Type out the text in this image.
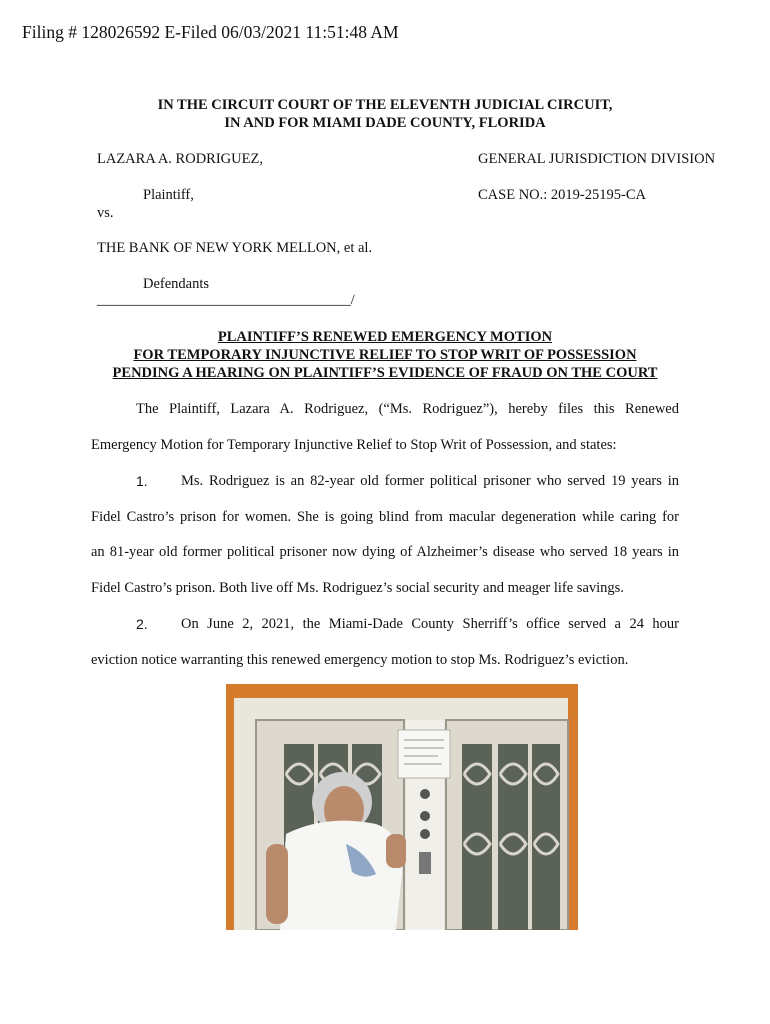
Filing # 128026592 E-Filed 06/03/2021 11:51:48 AM
IN THE CIRCUIT COURT OF THE ELEVENTH JUDICIAL CIRCUIT,
IN AND FOR MIAMI DADE COUNTY, FLORIDA
LAZARA A. RODRIGUEZ,	GENERAL JURISDICTION DIVISION
Plaintiff,	CASE NO.: 2019-25195-CA
vs.
THE BANK OF NEW YORK MELLON, et al.
Defendants
___________________________________/
PLAINTIFF’S RENEWED EMERGENCY MOTION
FOR TEMPORARY INJUNCTIVE RELIEF TO STOP WRIT OF POSSESSION
PENDING A HEARING ON PLAINTIFF’S EVIDENCE OF FRAUD ON THE COURT
The Plaintiff, Lazara A. Rodriguez, (“Ms. Rodriguez”), hereby files this Renewed
Emergency Motion for Temporary Injunctive Relief to Stop Writ of Possession, and states:
1. Ms. Rodriguez is an 82-year old former political prisoner who served 19 years in
Fidel Castro’s prison for women. She is going blind from macular degeneration while caring for
an 81-year old former political prisoner now dying of Alzheimer’s disease who served 18 years in
Fidel Castro’s prison. Both live off Ms. Rodriguez’s social security and meager life savings.
2. On June 2, 2021, the Miami-Dade County Sherriff’s office served a 24 hour
eviction notice warranting this renewed emergency motion to stop Ms. Rodriguez’s eviction.
